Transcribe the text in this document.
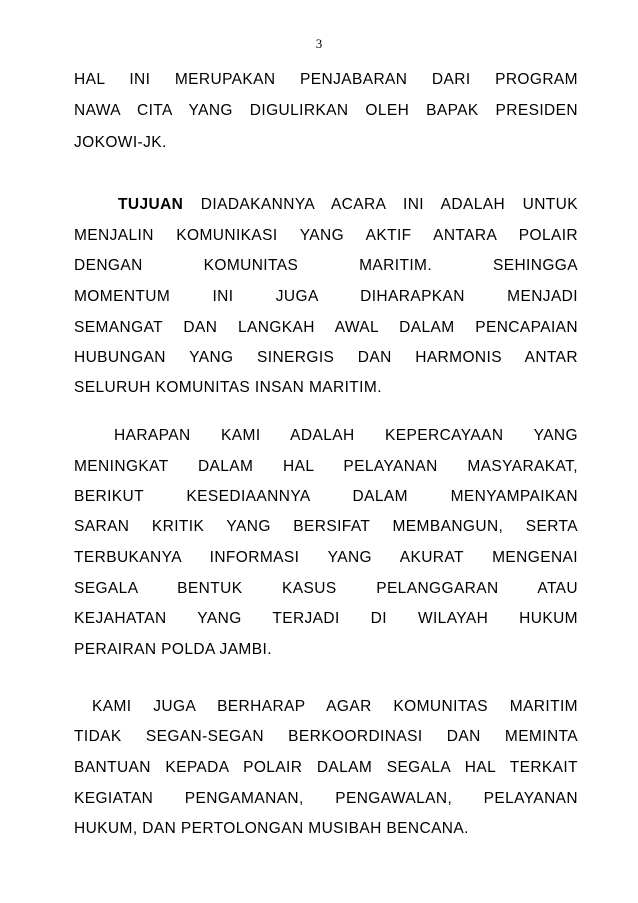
3
HAL INI MERUPAKAN PENJABARAN DARI PROGRAM
NAWA CITA YANG DIGULIRKAN OLEH BAPAK PRESIDEN
JOKOWI-JK.
TUJUAN DIADAKANNYA ACARA INI ADALAH UNTUK
MENJALIN KOMUNIKASI YANG AKTIF ANTARA POLAIR
DENGAN KOMUNITAS MARITIM. SEHINGGA
MOMENTUM INI JUGA DIHARAPKAN MENJADI
SEMANGAT DAN LANGKAH AWAL DALAM PENCAPAIAN
HUBUNGAN YANG SINERGIS DAN HARMONIS ANTAR
SELURUH KOMUNITAS INSAN MARITIM.
HARAPAN KAMI ADALAH KEPERCAYAAN YANG
MENINGKAT DALAM HAL PELAYANAN MASYARAKAT,
BERIKUT KESEDIAANNYA DALAM MENYAMPAIKAN
SARAN KRITIK YANG BERSIFAT MEMBANGUN, SERTA
TERBUKANYA INFORMASI YANG AKURAT MENGENAI
SEGALA BENTUK KASUS PELANGGARAN ATAU
KEJAHATAN YANG TERJADI DI WILAYAH HUKUM
PERAIRAN POLDA JAMBI.
KAMI JUGA BERHARAP AGAR KOMUNITAS MARITIM
TIDAK SEGAN-SEGAN BERKOORDINASI DAN MEMINTA
BANTUAN KEPADA POLAIR DALAM SEGALA HAL TERKAIT
KEGIATAN PENGAMANAN, PENGAWALAN, PELAYANAN
HUKUM, DAN PERTOLONGAN MUSIBAH BENCANA.
